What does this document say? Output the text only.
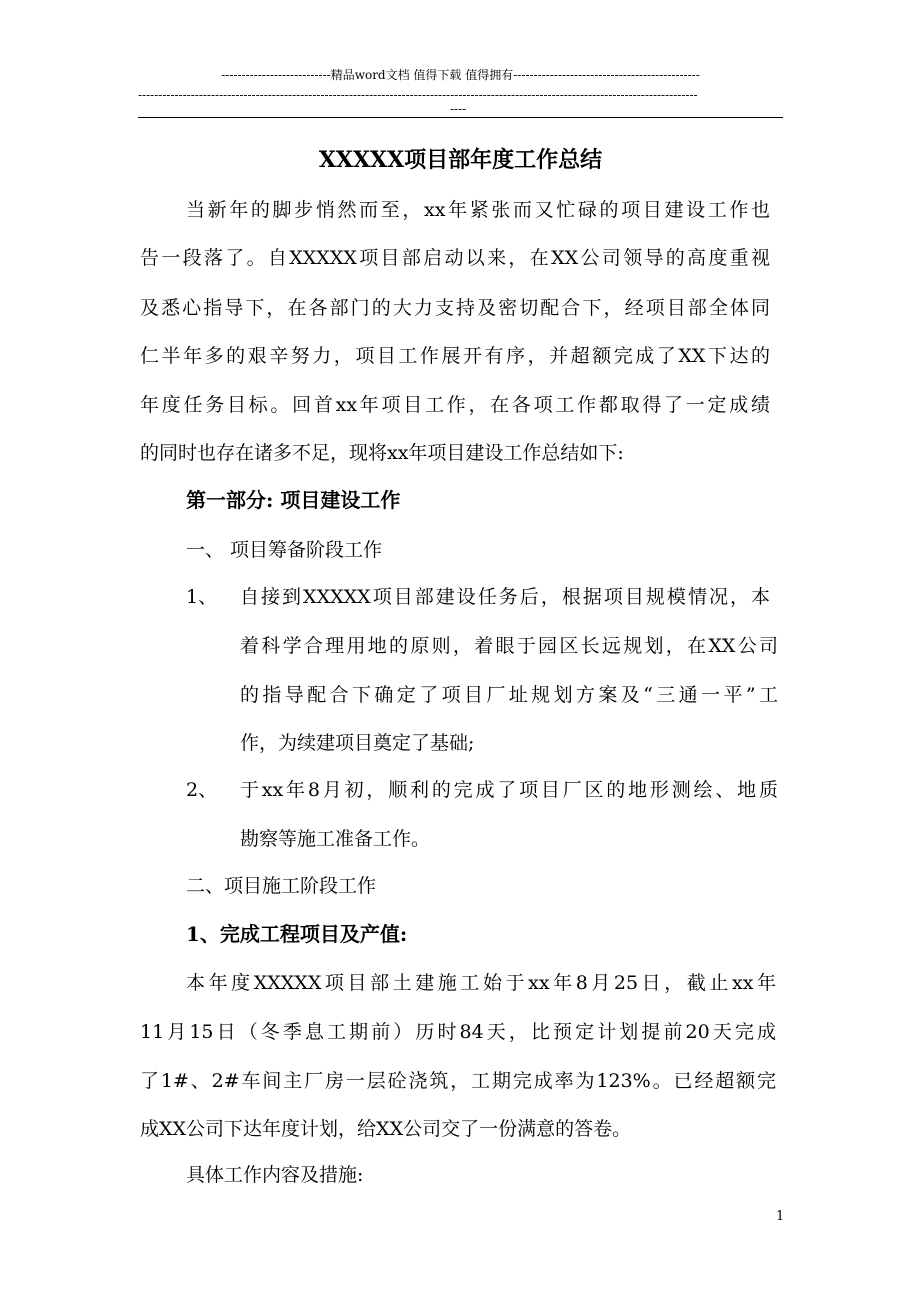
---------------------------精品word文档 值得下载 值得拥有----------------------------------------------
------------------------------------------------------------------------------------------------------------------------------------------
----
XXXXX项目部年度工作总结
当新年的脚步悄然而至，xx年紧张而又忙碌的项目建设工作也
告一段落了。自XXXXX项目部启动以来，在XX公司领导的高度重视
及悉心指导下，在各部门的大力支持及密切配合下，经项目部全体同
仁半年多的艰辛努力，项目工作展开有序，并超额完成了XX下达的
年度任务目标。回首xx年项目工作，在各项工作都取得了一定成绩
的同时也存在诸多不足，现将xx年项目建设工作总结如下:
第一部分: 项目建设工作
一、 项目筹备阶段工作
1、 自接到XXXXX项目部建设任务后，根据项目规模情况，本
着科学合理用地的原则，着眼于园区长远规划，在XX公司
的指导配合下确定了项目厂址规划方案及“三通一平”工
作，为续建项目奠定了基础;
2、 于xx年8月初，顺利的完成了项目厂区的地形测绘、地质
勘察等施工准备工作。
二、项目施工阶段工作
1、完成工程项目及产值:
本年度XXXXX项目部土建施工始于xx年8月25日，截止xx年
11月15日（冬季息工期前）历时84天，比预定计划提前20天完成
了1#、2#车间主厂房一层砼浇筑，工期完成率为123%。已经超额完
成XX公司下达年度计划，给XX公司交了一份满意的答卷。
具体工作内容及措施:
1
